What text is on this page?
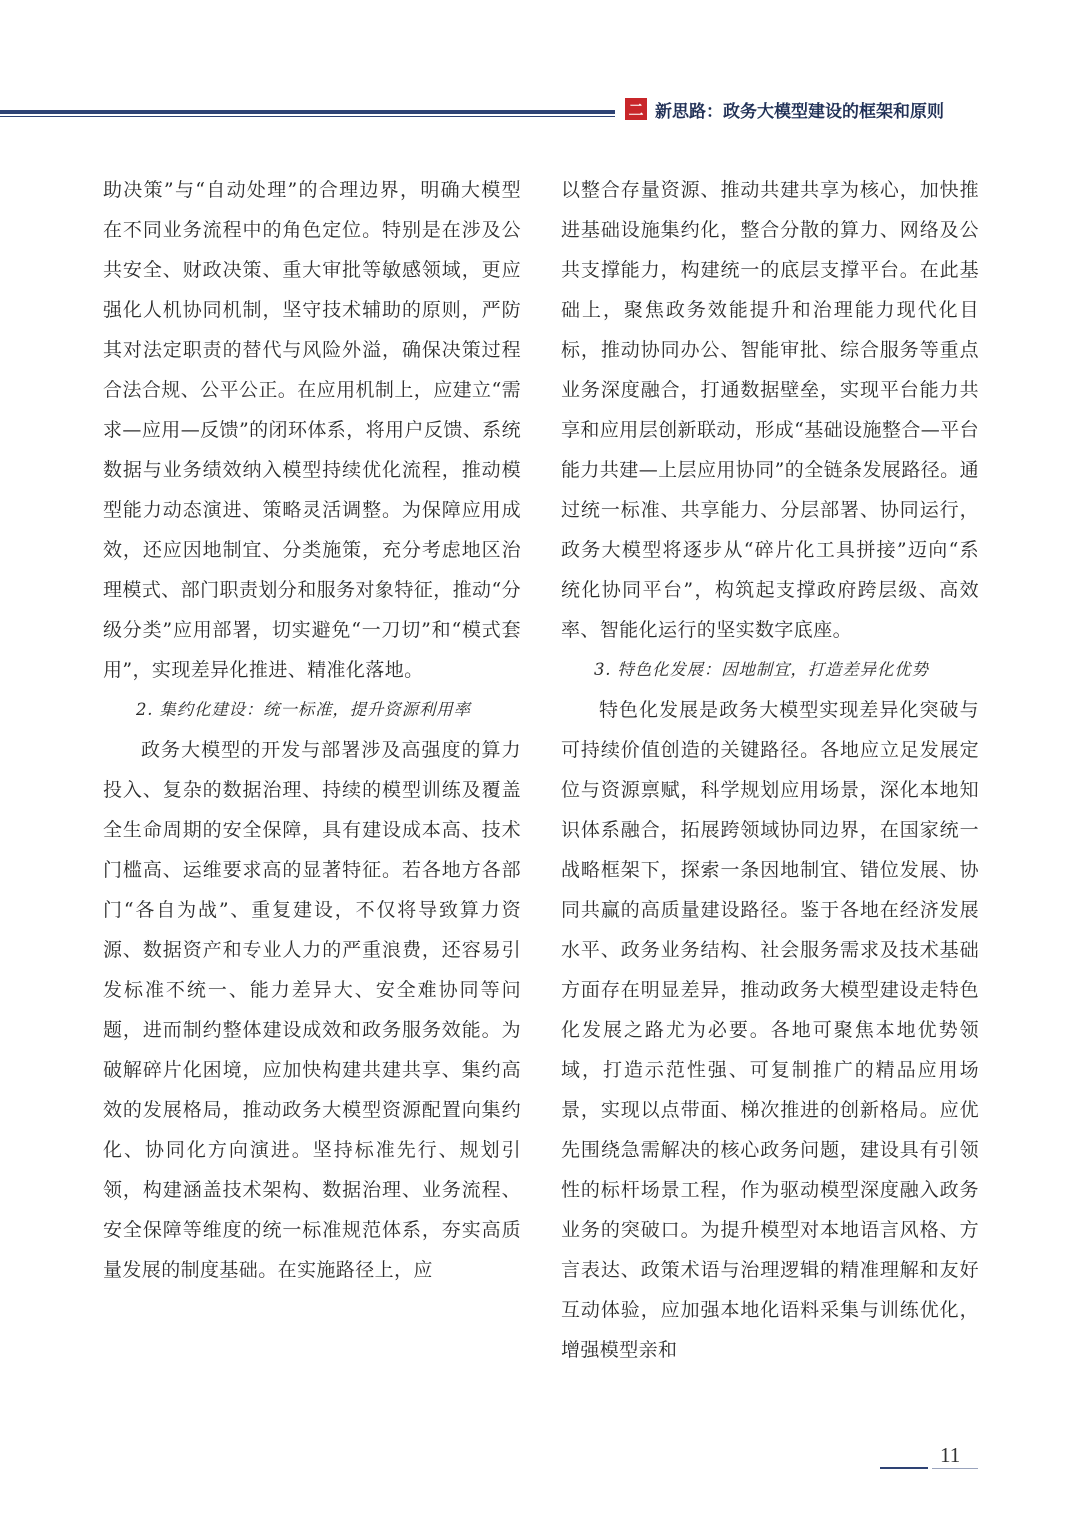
二 新思路：政务大模型建设的框架和原则

助决策”与“自动处理”的合理边界，明确大模型在不同业务流程中的角色定位。特别是在涉及公共安全、财政决策、重大审批等敏感领域，更应强化人机协同机制，坚守技术辅助的原则，严防其对法定职责的替代与风险外溢，确保决策过程合法合规、公平公正。在应用机制上，应建立“需求—应用—反馈”的闭环体系，将用户反馈、系统数据与业务绩效纳入模型持续优化流程，推动模型能力动态演进、策略灵活调整。为保障应用成效，还应因地制宜、分类施策，充分考虑地区治理模式、部门职责划分和服务对象特征，推动“分级分类”应用部署，切实避免“一刀切”和“模式套用”，实现差异化推进、精准化落地。

2. 集约化建设：统一标准，提升资源利用率

政务大模型的开发与部署涉及高强度的算力投入、复杂的数据治理、持续的模型训练及覆盖全生命周期的安全保障，具有建设成本高、技术门槛高、运维要求高的显著特征。若各地方各部门“各自为战”、重复建设，不仅将导致算力资源、数据资产和专业人力的严重浪费，还容易引发标准不统一、能力差异大、安全难协同等问题，进而制约整体建设成效和政务服务效能。为破解碎片化困境，应加快构建共建共享、集约高效的发展格局，推动政务大模型资源配置向集约化、协同化方向演进。坚持标准先行、规划引领，构建涵盖技术架构、数据治理、业务流程、安全保障等维度的统一标准规范体系，夯实高质量发展的制度基础。在实施路径上，应

以整合存量资源、推动共建共享为核心，加快推进基础设施集约化，整合分散的算力、网络及公共支撑能力，构建统一的底层支撑平台。在此基础上，聚焦政务效能提升和治理能力现代化目标，推动协同办公、智能审批、综合服务等重点业务深度融合，打通数据壁垒，实现平台能力共享和应用层创新联动，形成“基础设施整合—平台能力共建—上层应用协同”的全链条发展路径。通过统一标准、共享能力、分层部署、协同运行，政务大模型将逐步从“碎片化工具拼接”迈向“系统化协同平台”，构筑起支撑政府跨层级、高效率、智能化运行的坚实数字底座。

3. 特色化发展：因地制宜，打造差异化优势

特色化发展是政务大模型实现差异化突破与可持续价值创造的关键路径。各地应立足发展定位与资源禀赋，科学规划应用场景，深化本地知识体系融合，拓展跨领域协同边界，在国家统一战略框架下，探索一条因地制宜、错位发展、协同共赢的高质量建设路径。鉴于各地在经济发展水平、政务业务结构、社会服务需求及技术基础方面存在明显差异，推动政务大模型建设走特色化发展之路尤为必要。各地可聚焦本地优势领域，打造示范性强、可复制推广的精品应用场景，实现以点带面、梯次推进的创新格局。应优先围绕急需解决的核心政务问题，建设具有引领性的标杆场景工程，作为驱动模型深度融入政务业务的突破口。为提升模型对本地语言风格、方言表达、政策术语与治理逻辑的精准理解和友好互动体验，应加强本地化语料采集与训练优化，增强模型亲和

11
